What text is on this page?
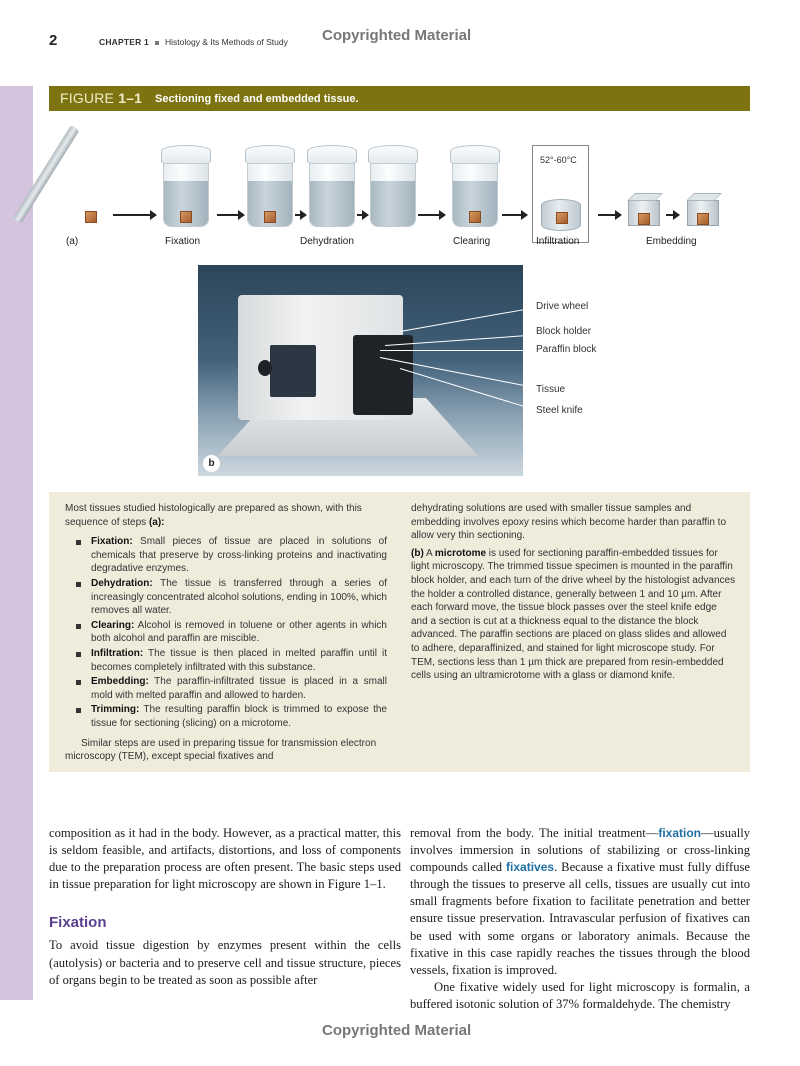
2	CHAPTER 1 Histology & Its Methods of Study Copyrighted Material
FIGURE 1–1 Sectioning fixed and embedded tissue.
(a)	Fixation	Dehydration	Clearing
52°-60°C
Infiltration	Embedding
b
Drive wheel
Block holder
Paraffin block
Tissue
Steel knife

Most tissues studied histologically are prepared as shown, with this sequence of steps (a):

Fixation: Small pieces of tissue are placed in solutions of chemicals that preserve by cross-linking proteins and inactivating degradative enzymes.
Dehydration: The tissue is transferred through a series of increasingly concentrated alcohol solutions, ending in 100%, which removes all water.
Clearing: Alcohol is removed in toluene or other agents in which both alcohol and paraffin are miscible.
Infiltration: The tissue is then placed in melted paraffin until it becomes completely infiltrated with this substance.
Embedding: The paraffin-infiltrated tissue is placed in a small mold with melted paraffin and allowed to harden.
Trimming: The resulting paraffin block is trimmed to expose the tissue for sectioning (slicing) on a microtome.

Similar steps are used in preparing tissue for transmission electron microscopy (TEM), except special fixatives and

dehydrating solutions are used with smaller tissue samples and embedding involves epoxy resins which become harder than paraffin to allow very thin sectioning.

(b) A microtome is used for sectioning paraffin-embedded tissues for light microscopy. The trimmed tissue specimen is mounted in the paraffin block holder, and each turn of the drive wheel by the histologist advances the holder a controlled distance, generally between 1 and 10 µm. After each forward move, the tissue block passes over the steel knife edge and a section is cut at a thickness equal to the distance the block advanced. The paraffin sections are placed on glass slides and allowed to adhere, deparaffinized, and stained for light microscope study. For TEM, sections less than 1 µm thick are prepared from resin-embedded cells using an ultramicrotome with a glass or diamond knife.

composition as it had in the body. However, as a practical matter, this is seldom feasible, and artifacts, distortions, and loss of components due to the preparation process are often present. The basic steps used in tissue preparation for light microscopy are shown in Figure 1–1.

Fixation

To avoid tissue digestion by enzymes present within the cells (autolysis) or bacteria and to preserve cell and tissue structure, pieces of organs begin to be treated as soon as possible after

removal from the body. The initial treatment—fixation—usually involves immersion in solutions of stabilizing or cross-linking compounds called fixatives. Because a fixative must fully diffuse through the tissues to preserve all cells, tissues are usually cut into small fragments before fixation to facilitate penetration and better ensure tissue preservation. Intravascular perfusion of fixatives can be used with some organs or laboratory animals. Because the fixative in this case rapidly reaches the tissues through the blood vessels, fixation is improved.

One fixative widely used for light microscopy is formalin, a buffered isotonic solution of 37% formaldehyde. The chemistry

Copyrighted Material
